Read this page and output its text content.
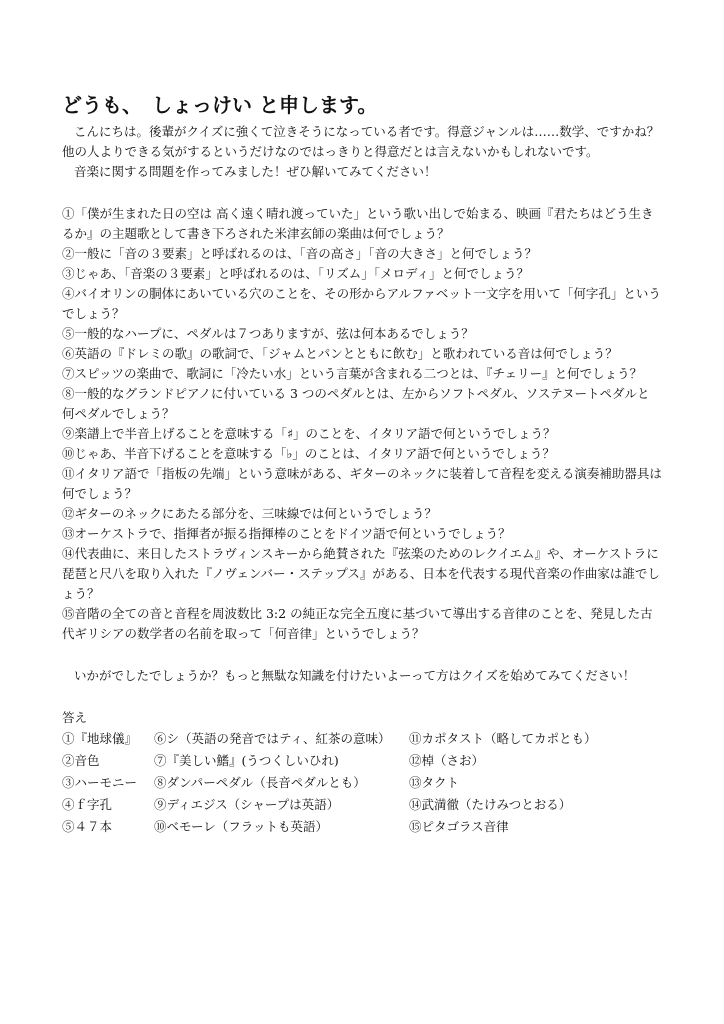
どうも、　しょっけい と申します。

こんにちは。後輩がクイズに強くて泣きそうになっている者です。得意ジャンルは……数学、ですかね？他の人よりできる気がするというだけなのではっきりと得意だとは言えないかもしれないです。

音楽に関する問題を作ってみました！ぜひ解いてみてください！

①「僕が生まれた日の空は 高く遠く晴れ渡っていた」という歌い出しで始まる、映画『君たちはどう生きるか』の主題歌として書き下ろされた米津玄師の楽曲は何でしょう？

②一般に「音の３要素」と呼ばれるのは、「音の高さ」「音の大きさ」と何でしょう？

③じゃあ、「音楽の３要素」と呼ばれるのは、「リズム」「メロディ」と何でしょう？

④バイオリンの胴体にあいている穴のことを、その形からアルファベット一文字を用いて「何字孔」というでしょう？

⑤一般的なハープに、ペダルは７つありますが、弦は何本あるでしょう？

⑥英語の『ドレミの歌』の歌詞で、「ジャムとパンとともに飲む」と歌われている音は何でしょう？

⑦スピッツの楽曲で、歌詞に「冷たい水」という言葉が含まれる二つとは、『チェリー』と何でしょう？

⑧一般的なグランドピアノに付いている 3 つのペダルとは、左からソフトペダル、ソステヌートペダルと何ペダルでしょう？

⑨楽譜上で半音上げることを意味する「♯」のことを、イタリア語で何というでしょう？

⑩じゃあ、半音下げることを意味する「♭」のことは、イタリア語で何というでしょう？

⑪イタリア語で「指板の先端」という意味がある、ギターのネックに装着して音程を変える演奏補助器具は何でしょう？

⑫ギターのネックにあたる部分を、三味線では何というでしょう？

⑬オーケストラで、指揮者が振る指揮棒のことをドイツ語で何というでしょう？

⑭代表曲に、来日したストラヴィンスキーから絶賛された『弦楽のためのレクイエム』や、オーケストラに琵琶と尺八を取り入れた『ノヴェンバー・ステップス』がある、日本を代表する現代音楽の作曲家は誰でしょう？

⑮音階の全ての音と音程を周波数比 3:2 の純正な完全五度に基づいて導出する音律のことを、発見した古代ギリシアの数学者の名前を取って「何音律」というでしょう？

いかがでしたでしょうか？もっと無駄な知識を付けたいよーって方はクイズを始めてみてください！

答え

①『地球儀』	⑥シ（英語の発音ではティ、紅茶の意味）	⑪カポタスト（略してカポとも）
②音色	⑦『美しい鰭』(うつくしいひれ)	⑫棹（さお）
③ハーモニー	⑧ダンパーペダル（長音ペダルとも）	⑬タクト
④ｆ字孔	⑨ディエジス（シャープは英語）	⑭武満徹（たけみつとおる）
⑤４７本	⑩ベモーレ（フラットも英語）	⑮ピタゴラス音律
